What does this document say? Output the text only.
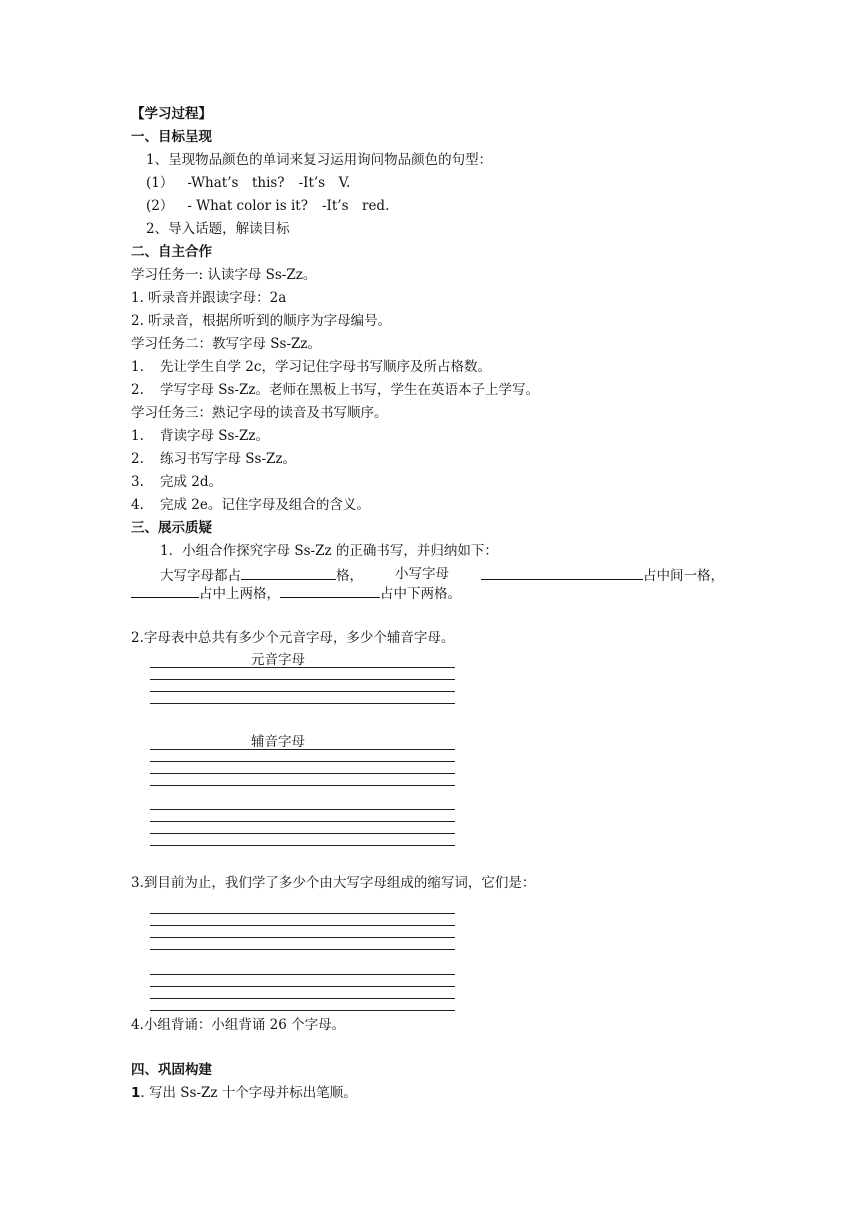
【学习过程】
一、目标呈现
1、呈现物品颜色的单词来复习运用询问物品颜色的句型：
(1） -What’s　this? -It’s　V.
(2） - What color is it? -It’s　red.
2、导入话题，解读目标
二、自主合作
学习任务一: 认读字母 Ss-Zz。
1. 听录音并跟读字母：2a
2. 听录音，根据所听到的顺序为字母编号。
学习任务二：教写字母 Ss-Zz。
1. 先让学生自学 2c，学习记住字母书写顺序及所占格数。
2. 学写字母 Ss-Zz。老师在黑板上书写，学生在英语本子上学写。
学习任务三：熟记字母的读音及书写顺序。
1. 背读字母 Ss-Zz。
2. 练习书写字母 Ss-Zz。
3. 完成 2d。
4. 完成 2e。记住字母及组合的含义。
三、展示质疑
1．小组合作探究字母 Ss-Zz 的正确书写，并归纳如下：
大写字母都占	格， 小写字母	占中间一格，
占中上两格，	占中下两格。
2.字母表中总共有多少个元音字母，多少个辅音字母。
元音字母
辅音字母
3.到目前为止，我们学了多少个由大写字母组成的缩写词，它们是：
4.小组背诵：小组背诵 26 个字母。
四、巩固构建
1. 写出 Ss-Zz 十个字母并标出笔顺。
